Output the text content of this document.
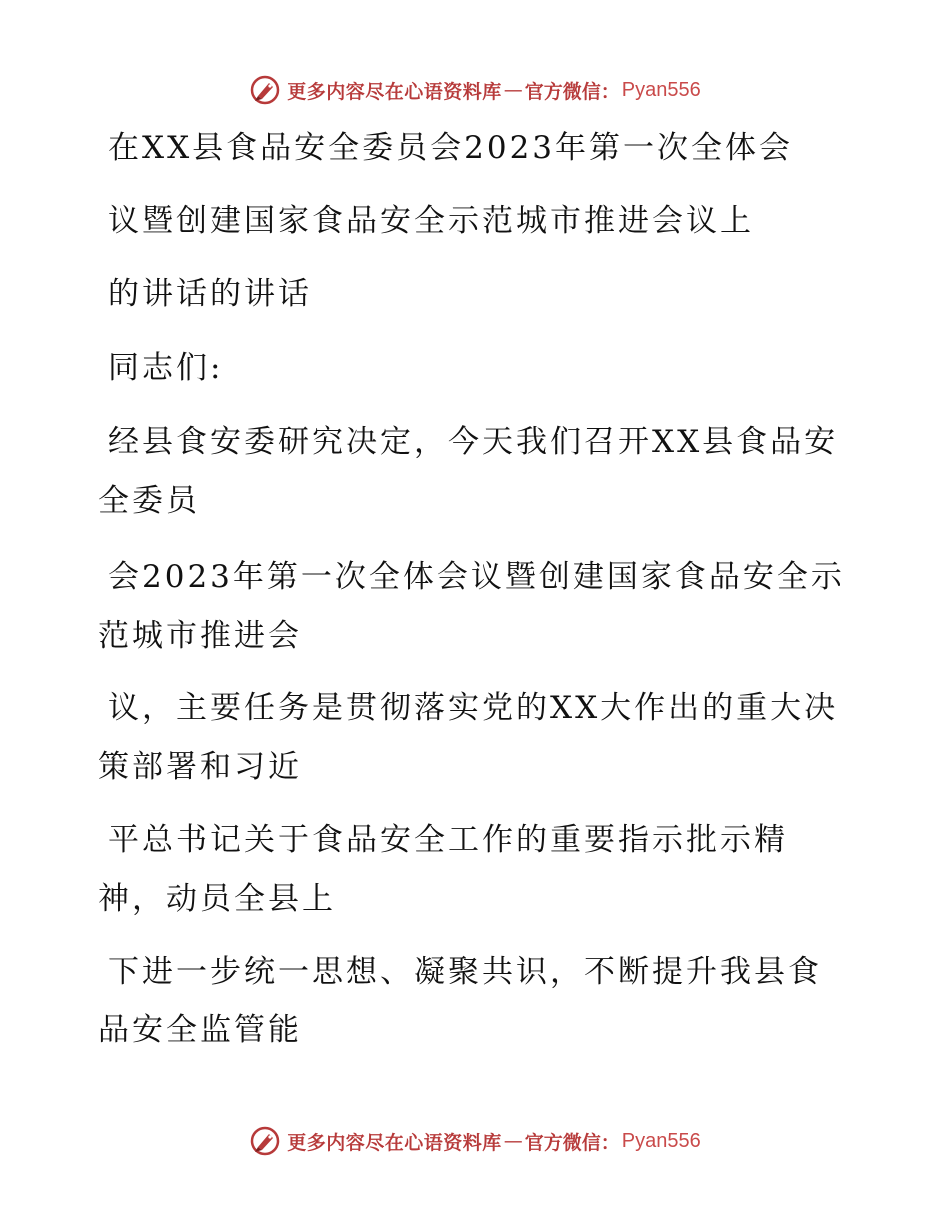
更多内容尽在心语资料库 — 官方微信： Pyan556
在XX县食品安全委员会2023年第一次全体会
议暨创建国家食品安全示范城市推进会议上
的讲话的讲话
同志们:
经县食安委研究决定，今天我们召开XX县食品安
全委员
会2023年第一次全体会议暨创建国家食品安全示
范城市推进会
议，主要任务是贯彻落实党的XX大作出的重大决
策部署和习近
平总书记关于食品安全工作的重要指示批示精
神，动员全县上
下进一步统一思想、凝聚共识，不断提升我县食
品安全监管能
更多内容尽在心语资料库 — 官方微信： Pyan556
